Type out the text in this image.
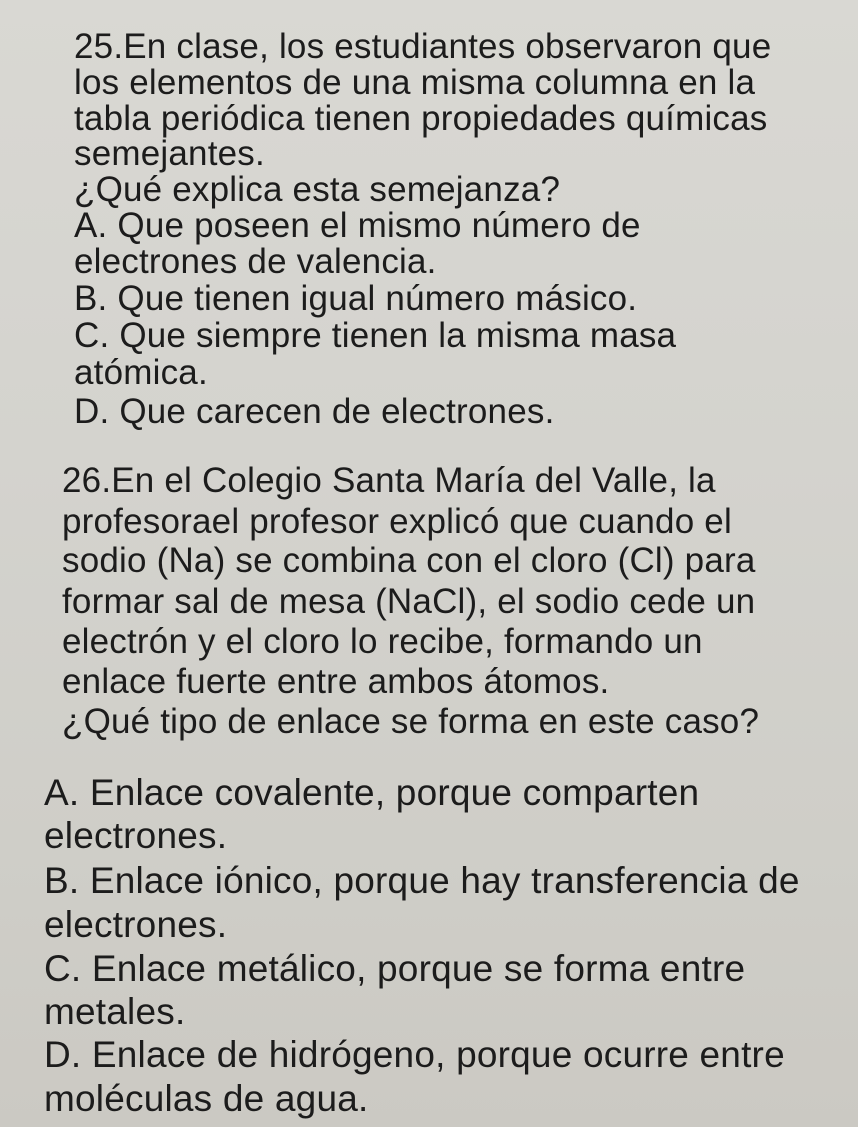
25.En clase, los estudiantes observaron que
los elementos de una misma columna en la
tabla periódica tienen propiedades químicas
semejantes.
¿Qué explica esta semejanza?
A. Que poseen el mismo número de
electrones de valencia.
B. Que tienen igual número másico.
C. Que siempre tienen la misma masa
atómica.
D. Que carecen de electrones.
26.En el Colegio Santa María del Valle, la
profesorael profesor explicó que cuando el
sodio (Na) se combina con el cloro (Cl) para
formar sal de mesa (NaCl), el sodio cede un
electrón y el cloro lo recibe, formando un
enlace fuerte entre ambos átomos.
¿Qué tipo de enlace se forma en este caso?
A. Enlace covalente, porque comparten
electrones.
B. Enlace iónico, porque hay transferencia de
electrones.
C. Enlace metálico, porque se forma entre
metales.
D. Enlace de hidrógeno, porque ocurre entre
moléculas de agua.
